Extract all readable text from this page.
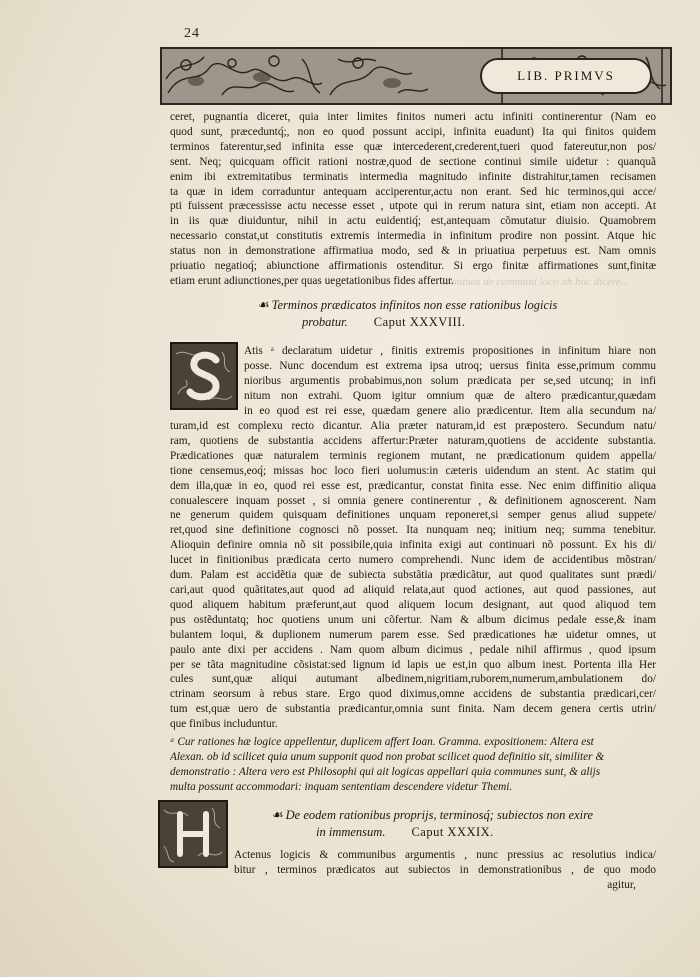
24
LIB. PRIMVS
ceret, pugnantia diceret, quia inter limites finitos numeri actu infiniti continerentur (Nam eo
quod sunt, præceduntq́;, non eo quod possunt accipi, infinita euadunt) Ita qui finitos quidem
terminos faterentur,sed infinita esse quæ intercederent,crederent,tueri quod fatereutur,non pos/
sent. Neq; quicquam officit rationi nostræ,quod de sectione continui simile uidetur : quanquã
enim ibi extremitatibus terminatis intermedia magnitudo infinite distrahitur,tamen recisamen
ta quæ in idem corraduntur antequam acciperentur,actu non erant. Sed hic terminos,qui acce/
pti fuissent præcessisse actu necesse esset , utpote qui in rerum natura sint, etiam non accepti. At
in iis quæ diuiduntur, nihil in actu euidentiq́; est,antequam cõmutatur diuisio. Quamobrem
necessario constat,ut constitutis extremis intermedia in infinitum prodire non possint. Atque hic
status non in demonstratione affirmatiua modo, sed & in priuatiua perpetuus est. Nam omnis
priuatio negatioq́; abiunctione affirmationis ostenditur. Si ergo finitæ affirmationes sunt,finitæ
etiam erunt adiunctiones,per quas uegetationibus fides affertur.
Terminos de communi loco ab hoc dicere...
☙ Terminos prædicatos infinitos non esse rationibus logicis
probatur. Caput XXXVIII.
Atis ᵃ declaratum uidetur , finitis extremis propositiones in infinitum hiare non
posse. Nunc docendum est extrema ipsa utroq; uersus finita esse,primum commu
nioribus argumentis probabimus,non solum prædicata per se,sed utcunq; in infi
nitum non extrahi. Quom igitur omnium quæ de altero prædicantur,quædam
in eo quod est rei esse, quædam genere alio prædicentur. Item alia secundum na/
turam,id est complexu recto dicantur. Alia præter naturam,id est præpostero. Secundum natu/
ram, quotiens de substantia accidens affertur:Præter naturam,quotiens de accidente substantia.
Prædicationes quæ naturalem terminis regionem mutant, ne prædicationum quidem appella/
tione censemus,eoq́; missas hoc loco fieri uolumus:in cæteris uidendum an stent. Ac statim qui
dem illa,quæ in eo, quod rei esse est, prædicantur, constat finita esse. Nec enim diffinitio aliqua
conualescere inquam posset , si omnia genere continerentur , & definitionem agnoscerent. Nam
ne generum quidem quisquam definitiones unquam reponeret,si semper genus aliud suppete/
ret,quod sine definitione cognosci nõ posset. Ita nunquam neq; initium neq; summa tenebitur.
Alioquin definire omnia nõ sit possibile,quia infinita exigi aut continuari nõ possunt. Ex his di/
lucet in finitionibus prædicata certo numero comprehendi. Nunc idem de accidentibus mõstran/
dum. Palam est accidẽtia quæ de subiecta substãtia prædicãtur, aut quod qualitates sunt prædi/
cari,aut quod quãtitates,aut quod ad aliquid relata,aut quod actiones, aut quod passiones, aut
quod aliquem habitum præferunt,aut quod aliquem locum designant, aut quod aliquod tem
pus ostẽduntatq; hoc quotiens unum uni cõfertur. Nam & album dicimus pedale esse,& inam
bulantem loqui, & duplionem numerum parem esse. Sed prædicationes hæ uidetur omnes, ut
paulo ante dixi per accidens . Nam quom album dicimus , pedale nihil affirmus , quod ipsum
per se tãta magnitudine cõsistat:sed lignum id lapis ue est,in quo album inest. Portenta illa Her
cules sunt,quæ aliqui autumant albedinem,nigritiam,ruborem,numerum,ambulationem do/
ctrinam seorsum à rebus stare. Ergo quod diximus,omne accidens de substantia prædicari,cer/
tum est,quæ uero de substantia prædicantur,omnia sunt finita. Nam decem genera certis utrin/
que finibus includuntur.
ᵃ Cur rationes hæ logice appellentur, duplicem affert Ioan. Gramma. expositionem: Altera est
Alexan. ob id scilicet quia unum supponit quod non probat scilicet quod definitio sit, similiter &
demonstratio : Altera vero est Philosophi qui ait logicas appellari quia communes sunt, & alijs
multa possunt accommodari: inquam sententiam descendere videtur Themi.
☙ De eodem rationibus proprijs, terminosq́; subiectos non exire
in immensum. Caput XXXIX.
Actenus logicis & communibus argumentis , nunc pressius ac resolutius indica/
bitur , terminos prædicatos aut subiectos in demonstrationibus , de quo modo
agitur,
